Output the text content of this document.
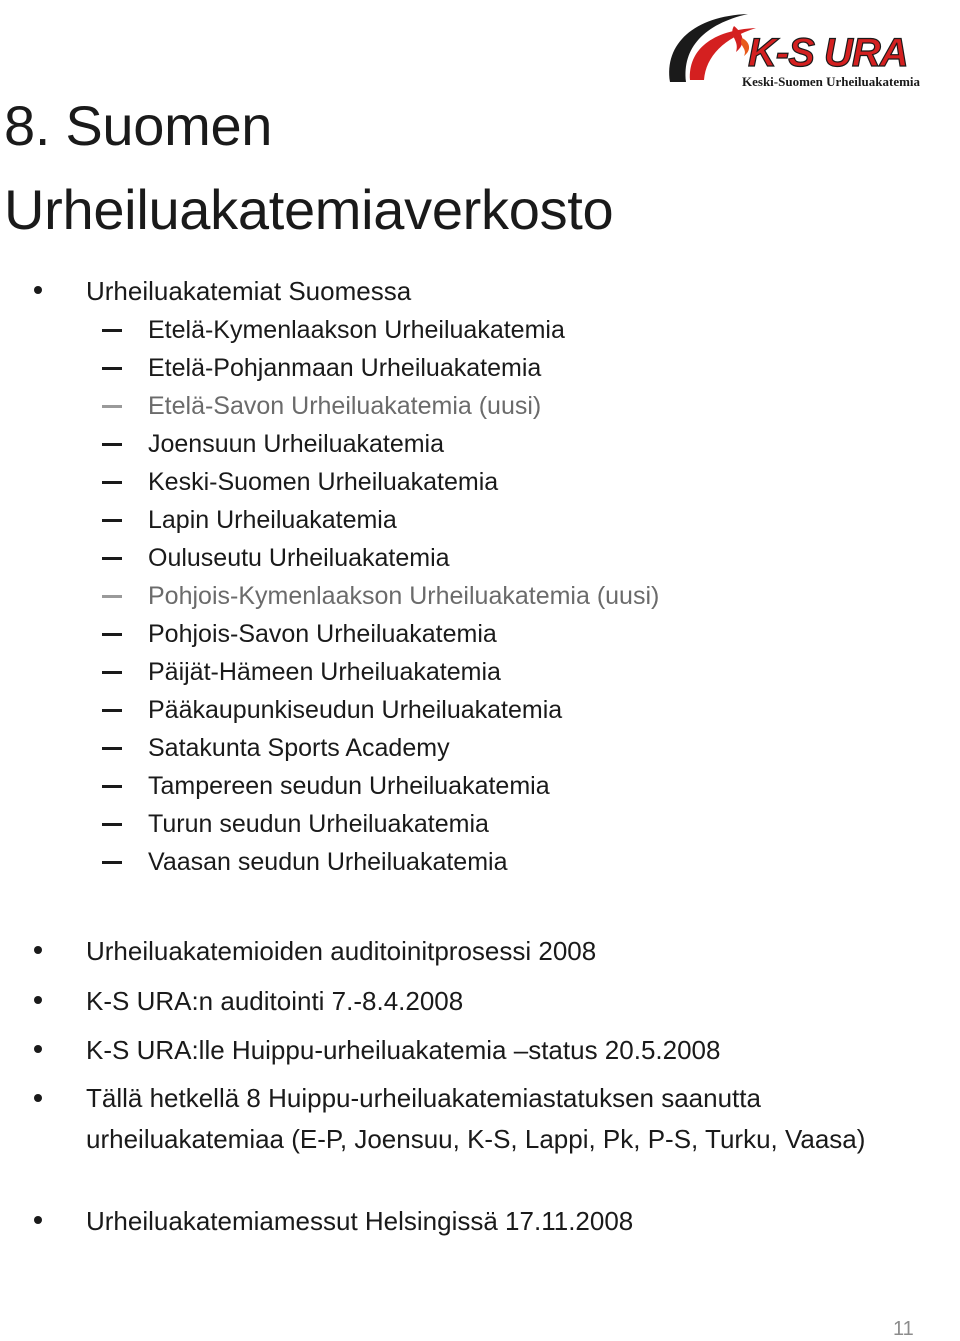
K-S URA
Keski-Suomen Urheiluakatemia
8. Suomen
Urheiluakatemiaverkosto
Urheiluakatemiat Suomessa
Etelä-Kymenlaakson Urheiluakatemia
Etelä-Pohjanmaan Urheiluakatemia
Etelä-Savon Urheiluakatemia (uusi)
Joensuun Urheiluakatemia
Keski-Suomen Urheiluakatemia
Lapin Urheiluakatemia
Ouluseutu Urheiluakatemia
Pohjois-Kymenlaakson Urheiluakatemia (uusi)
Pohjois-Savon Urheiluakatemia
Päijät-Hämeen Urheiluakatemia
Pääkaupunkiseudun Urheiluakatemia
Satakunta Sports Academy
Tampereen seudun Urheiluakatemia
Turun seudun Urheiluakatemia
Vaasan seudun Urheiluakatemia
Urheiluakatemioiden auditoinitprosessi 2008
K-S URA:n auditointi 7.-8.4.2008
K-S URA:lle Huippu-urheiluakatemia –status 20.5.2008
Tällä hetkellä 8 Huippu-urheiluakatemiastatuksen saanutta urheiluakatemiaa (E-P, Joensuu, K-S, Lappi, Pk, P-S, Turku, Vaasa)
Urheiluakatemiamessut Helsingissä 17.11.2008
11
